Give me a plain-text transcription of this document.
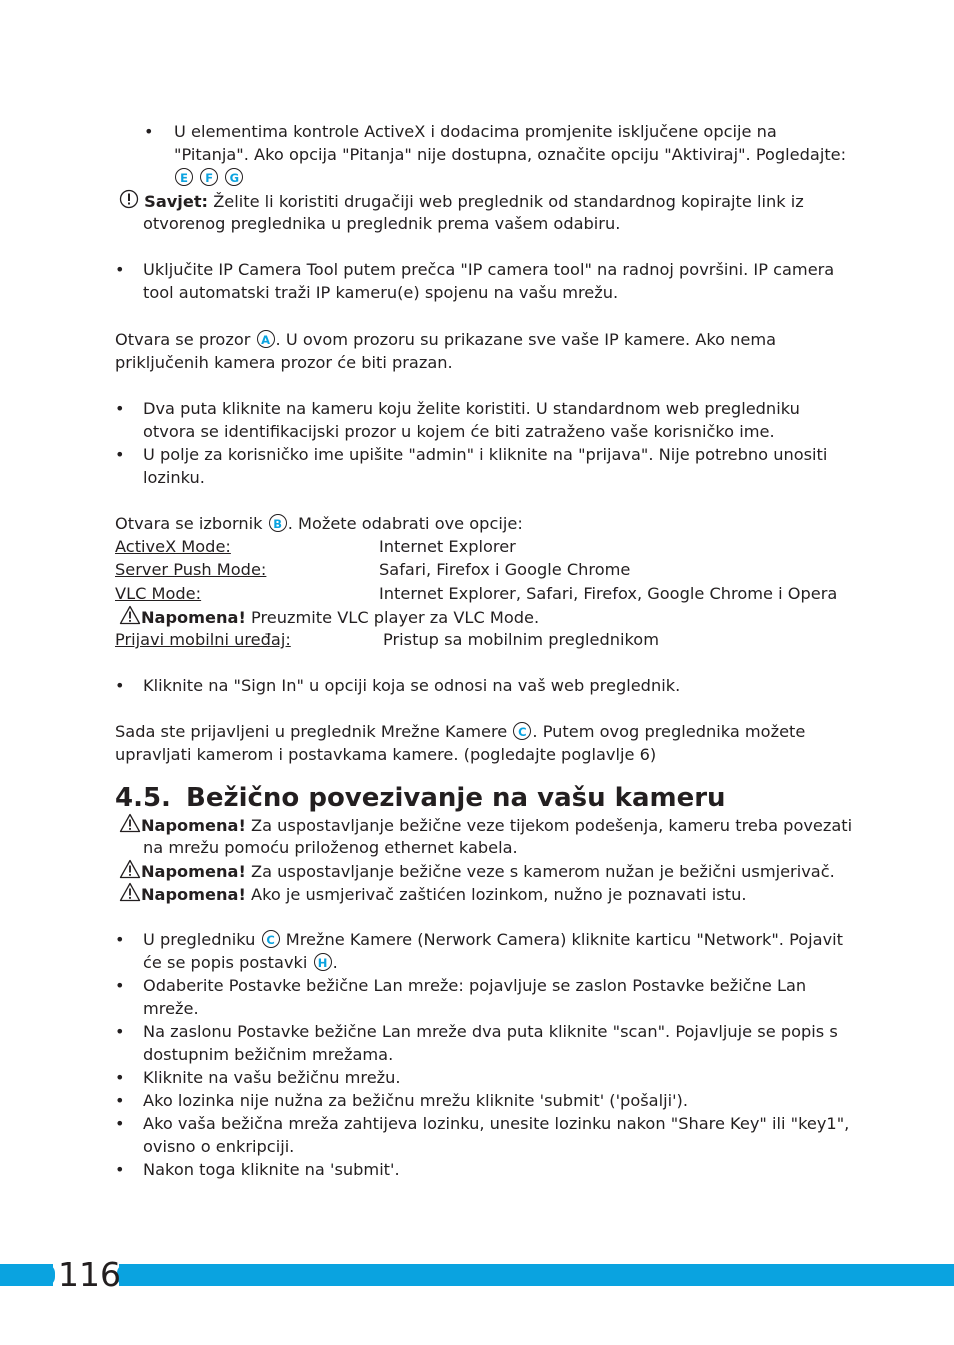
• U elementima kontrole ActiveX i dodacima promjenite isključene opcije na
"Pitanja". Ako opcija "Pitanja" nije dostupna, označite opciju "Aktiviraj". Pogledajte:
E F G
Savjet: Želite li koristiti drugačiji web preglednik od standardnog kopirajte link iz
otvorenog preglednika u preglednik prema vašem odabiru.
• Uključite IP Camera Tool putem prečca "IP camera tool" na radnoj površini. IP camera
tool automatski traži IP kameru(e) spojenu na vašu mrežu.
Otvara se prozor A . U ovom prozoru su prikazane sve vaše IP kamere. Ako nema
priključenih kamera prozor će biti prazan.
• Dva puta kliknite na kameru koju želite koristiti. U standardnom web pregledniku
otvora se identifikacijski prozor u kojem će biti zatraženo vaše korisničko ime.
• U polje za korisničko ime upišite "admin" i kliknite na "prijava". Nije potrebno unositi
lozinku.
Otvara se izbornik B . Možete odabrati ove opcije:
ActiveX Mode:	Internet Explorer
Server Push Mode:	Safari, Firefox i Google Chrome
VLC Mode:	Internet Explorer, Safari, Firefox, Google Chrome i Opera
Napomena! Preuzmite VLC player za VLC Mode.
Prijavi mobilni uređaj:	Pristup sa mobilnim preglednikom
• Kliknite na "Sign In" u opciji koja se odnosi na vaš web preglednik.
Sada ste prijavljeni u preglednik Mrežne Kamere C . Putem ovog preglednika možete
upravljati kamerom i postavkama kamere. (pogledajte poglavlje 6)
4.5. Bežično povezivanje na vašu kameru
Napomena! Za uspostavljanje bežične veze tijekom podešenja, kameru treba povezati
na mrežu pomoću priloženog ethernet kabela.
Napomena! Za uspostavljanje bežične veze s kamerom nužan je bežični usmjerivač.
Napomena! Ako je usmjerivač zaštićen lozinkom, nužno je poznavati istu.
• U pregledniku C Mrežne Kamere (Nerwork Camera) kliknite karticu "Network". Pojavit
će se popis postavki H .
• Odaberite Postavke bežične Lan mreže: pojavljuje se zaslon Postavke bežične Lan
mreže.
• Na zaslonu Postavke bežične Lan mreže dva puta kliknite "scan". Pojavljuje se popis s
dostupnim bežičnim mrežama.
• Kliknite na vašu bežičnu mrežu.
• Ako lozinka nije nužna za bežičnu mrežu kliknite 'submit' ('pošalji').
• Ako vaša bežična mreža zahtijeva lozinku, unesite lozinku nakon "Share Key" ili "key1",
ovisno o enkripciji.
• Nakon toga kliknite na 'submit'.
116
